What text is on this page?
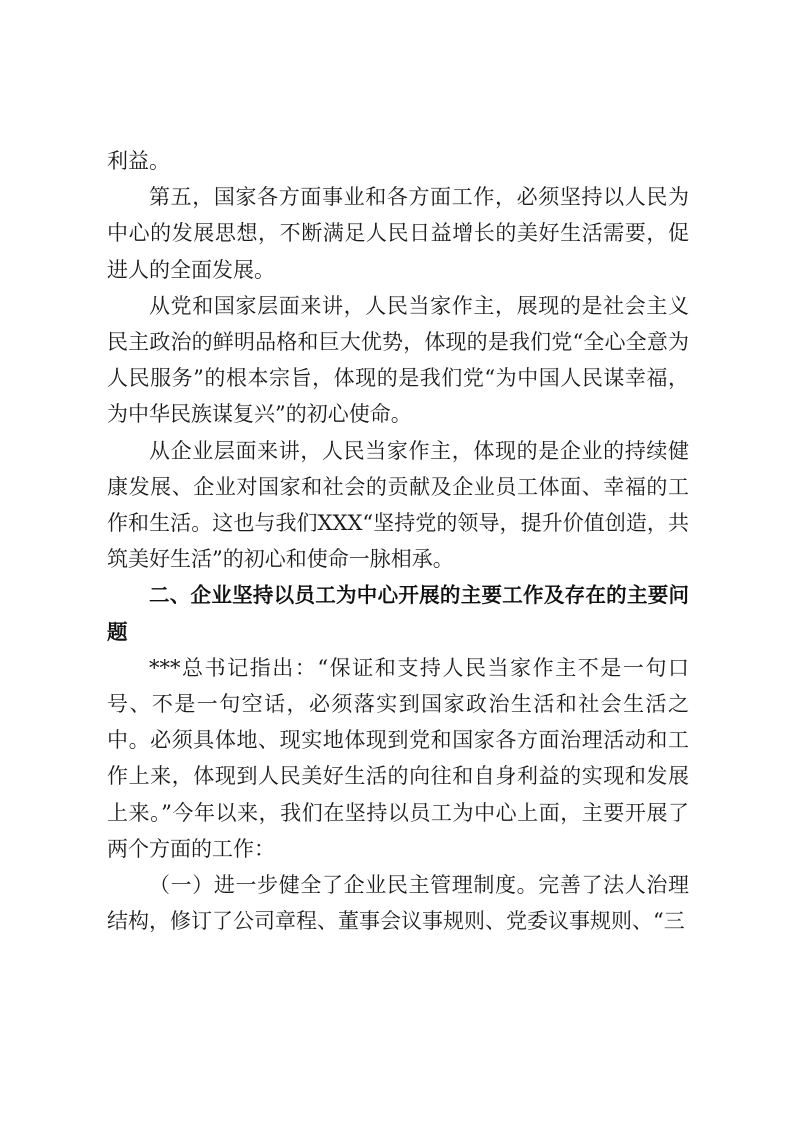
利益。

第五，国家各方面事业和各方面工作，必须坚持以人民为中心的发展思想，不断满足人民日益增长的美好生活需要，促进人的全面发展。

从党和国家层面来讲，人民当家作主，展现的是社会主义民主政治的鲜明品格和巨大优势，体现的是我们党“全心全意为人民服务”的根本宗旨，体现的是我们党“为中国人民谋幸福，为中华民族谋复兴”的初心使命。

从企业层面来讲，人民当家作主，体现的是企业的持续健康发展、企业对国家和社会的贡献及企业员工体面、幸福的工作和生活。这也与我们XXX“坚持党的领导，提升价值创造，共筑美好生活”的初心和使命一脉相承。

二、企业坚持以员工为中心开展的主要工作及存在的主要问题

***总书记指出：“保证和支持人民当家作主不是一句口号、不是一句空话，必须落实到国家政治生活和社会生活之中。必须具体地、现实地体现到党和国家各方面治理活动和工作上来，体现到人民美好生活的向往和自身利益的实现和发展上来。”今年以来，我们在坚持以员工为中心上面，主要开展了两个方面的工作：

（一）进一步健全了企业民主管理制度。完善了法人治理结构，修订了公司章程、董事会议事规则、党委议事规则、“三
